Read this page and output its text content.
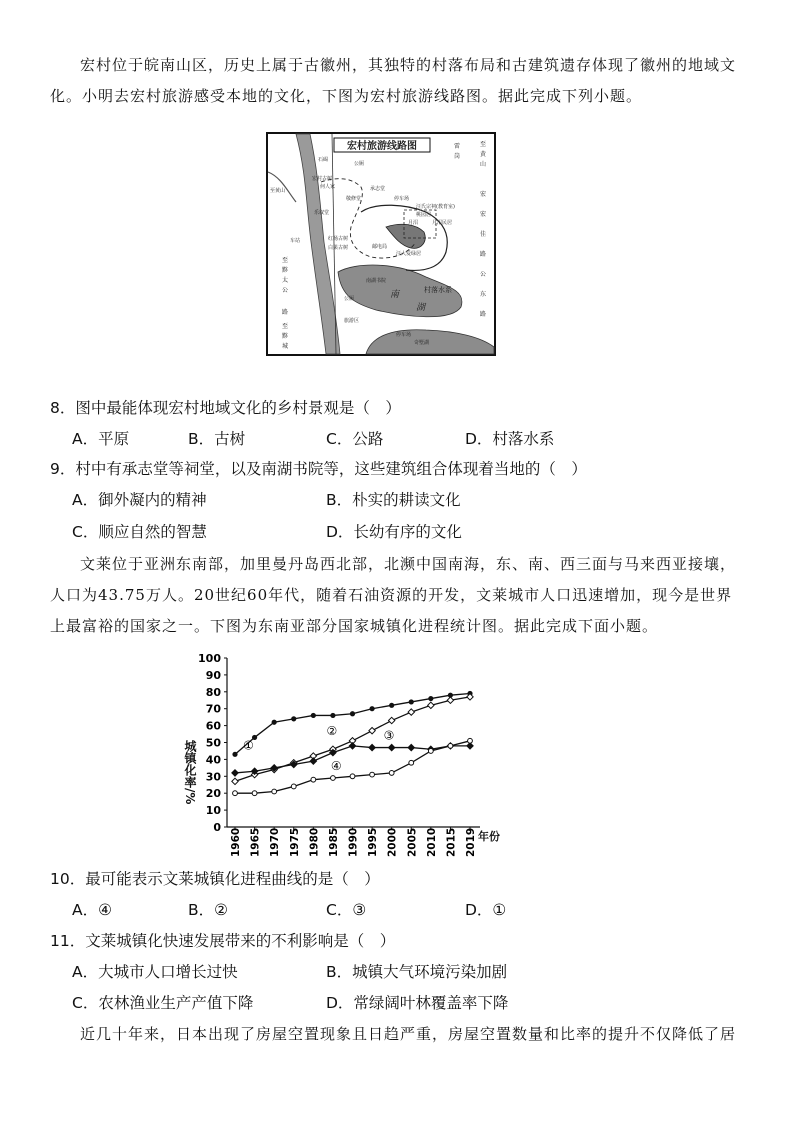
宏村位于皖南山区，历史上属于古徽州，其独特的村落布局和古建筑遗存体现了徽州的地域文

化。小明去宏村旅游感受本地的文化，下图为宏村旅游线路图。据此完成下列小题。

宏村旅游线路图
石碣
公厕
宏村古树
何人家	承志堂
敬修堂
乐叙堂
停车场
汪氏宗祠(教育室)
桃园居
月沼	月沼民居
红杨古树
白果古树	邮电局
汪大爱绿居
南湖书院
村落水系
公厕	南
湖
旅游区
停车场
奇墅湖
车站
至黄山
至
黟
太
公
路
至
黟
城
雷
岗
至
黄
山
宏
佳
公
东
路
宏
路

8．图中最能体现宏村地域文化的乡村景观是（　）

A．平原	B．古树	C．公路	D．村落水系

9．村中有承志堂等祠堂，以及南湖书院等，这些建筑组合体现着当地的（　）

A．御外凝内的精神	B．朴实的耕读文化

C．顺应自然的智慧	D．长幼有序的文化

文莱位于亚洲东南部，加里曼丹岛西北部，北濒中国南海，东、南、西三面与马来西亚接壤，

人口为43.75万人。20世纪60年代，随着石油资源的开发，文莱城市人口迅速增加，现今是世界

上最富裕的国家之一。下图为东南亚部分国家城镇化进程统计图。据此完成下面小题。

城镇化率/%
年份
0
10
20
30
40
50
60
70
80
90
100
1960 1965 1970 1975 1980 1985 1990 1995 2000 2005 2010 2015 2019
①
②	③
④

10．最可能表示文莱城镇化进程曲线的是（　）

A．④	B．②	C．③	D．①

11．文莱城镇化快速发展带来的不利影响是（　）

A．大城市人口增长过快	B．城镇大气环境污染加剧

C．农林渔业生产产值下降	D．常绿阔叶林覆盖率下降

近几十年来，日本出现了房屋空置现象且日趋严重，房屋空置数量和比率的提升不仅降低了居
